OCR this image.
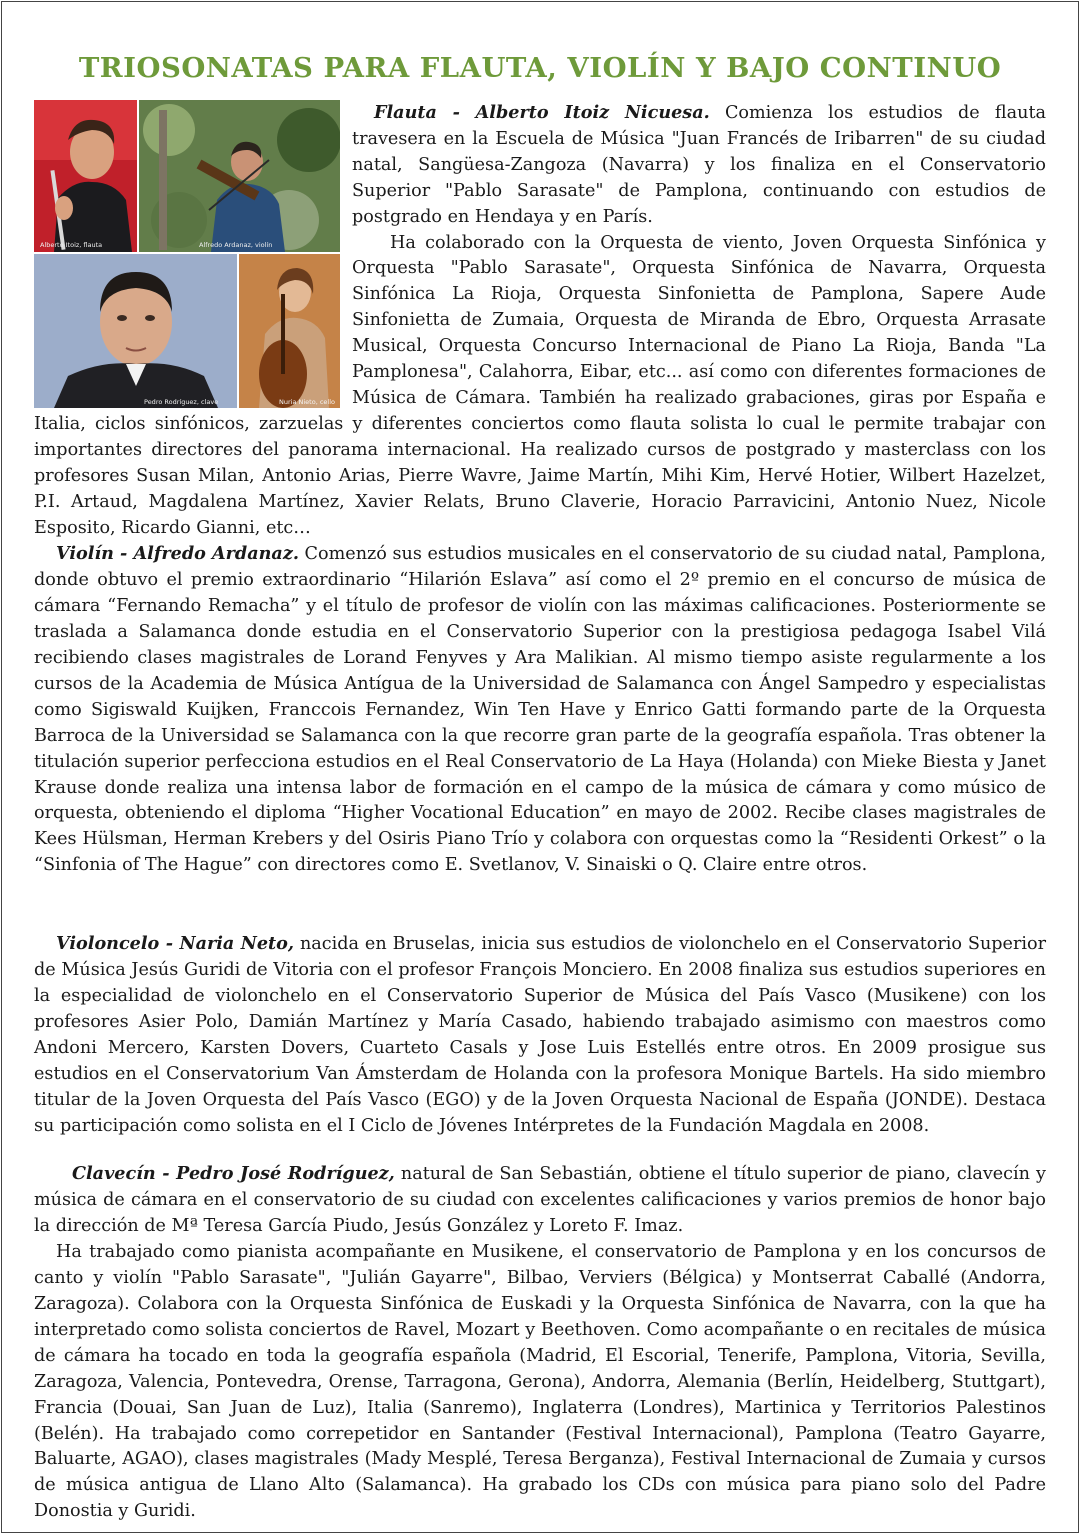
TRIOSONATAS PARA FLAUTA, VIOLÍN Y BAJO CONTINUO
Alberto Itoiz, flauta	Alfredo Ardanaz, violín
Pedro Rodríguez, clave	Nuria Nieto, cello

Flauta - Alberto Itoiz Nicuesa. Comienza los estudios de flauta travesera en la Escuela de Música "Juan Francés de Iribarren" de su ciudad natal, Sangüesa-Zangoza (Navarra) y los finaliza en el Conservatorio Superior "Pablo Sarasate" de Pamplona, continuando con estudios de postgrado en Hendaya y en París.

Ha colaborado con la Orquesta de viento, Joven Orquesta Sinfónica y Orquesta "Pablo Sarasate", Orquesta Sinfónica de Navarra, Orquesta Sinfónica La Rioja, Orquesta Sinfonietta de Pamplona, Sapere Aude Sinfonietta de Zumaia, Orquesta de Miranda de Ebro, Orquesta Arrasate Musical, Orquesta Concurso Internacional de Piano La Rioja, Banda "La Pamplonesa", Calahorra, Eibar, etc... así como con diferentes formaciones de Música de Cámara. También ha realizado grabaciones, giras por España e Italia, ciclos sinfónicos, zarzuelas y diferentes conciertos como flauta solista lo cual le permite trabajar con importantes directores del panorama internacional. Ha realizado cursos de postgrado y masterclass con los profesores Susan Milan, Antonio Arias, Pierre Wavre, Jaime Martín, Mihi Kim, Hervé Hotier, Wilbert Hazelzet, P.I. Artaud, Magdalena Martínez, Xavier Relats, Bruno Claverie, Horacio Parravicini, Antonio Nuez, Nicole Esposito, Ricardo Gianni, etc…

Violín - Alfredo Ardanaz. Comenzó sus estudios musicales en el conservatorio de su ciudad natal, Pamplona, donde obtuvo el premio extraordinario “Hilarión Eslava” así como el 2º premio en el concurso de música de cámara “Fernando Remacha” y el título de profesor de violín con las máximas calificaciones. Posteriormente se traslada a Salamanca donde estudia en el Conservatorio Superior con la prestigiosa pedagoga Isabel Vilá recibiendo clases magistrales de Lorand Fenyves y Ara Malikian. Al mismo tiempo asiste regularmente a los cursos de la Academia de Música Antígua de la Universidad de Salamanca con Ángel Sampedro y especialistas como Sigiswald Kuijken, Franccois Fernandez, Win Ten Have y Enrico Gatti formando parte de la Orquesta Barroca de la Universidad se Salamanca con la que recorre gran parte de la geografía española. Tras obtener la titulación superior perfecciona estudios en el Real Conservatorio de La Haya (Holanda) con Mieke Biesta y Janet Krause donde realiza una intensa labor de formación en el campo de la música de cámara y como músico de orquesta, obteniendo el diploma “Higher Vocational Education” en mayo de 2002. Recibe clases magistrales de Kees Hülsman, Herman Krebers y del Osiris Piano Trío y colabora con orquestas como la “Residenti Orkest” o la “Sinfonia of The Hague” con directores como E. Svetlanov, V. Sinaiski o Q. Claire entre otros.

Violoncelo - Naria Neto, nacida en Bruselas, inicia sus estudios de violonchelo en el Conservatorio Superior de Música Jesús Guridi de Vitoria con el profesor François Monciero. En 2008 finaliza sus estudios superiores en la especialidad de violonchelo en el Conservatorio Superior de Música del País Vasco (Musikene) con los profesores Asier Polo, Damián Martínez y María Casado, habiendo trabajado asimismo con maestros como Andoni Mercero, Karsten Dovers, Cuarteto Casals y Jose Luis Estellés entre otros. En 2009 prosigue sus estudios en el Conservatorium Van Ámsterdam de Holanda con la profesora Monique Bartels. Ha sido miembro titular de la Joven Orquesta del País Vasco (EGO) y de la Joven Orquesta Nacional de España (JONDE). Destaca su participación como solista en el I Ciclo de Jóvenes Intérpretes de la Fundación Magdala en 2008.

Clavecín - Pedro José Rodríguez, natural de San Sebastián, obtiene el título superior de piano, clavecín y música de cámara en el conservatorio de su ciudad con excelentes calificaciones y varios premios de honor bajo la dirección de Mª Teresa García Piudo, Jesús González y Loreto F. Imaz.

Ha trabajado como pianista acompañante en Musikene, el conservatorio de Pamplona y en los concursos de canto y violín "Pablo Sarasate", "Julián Gayarre", Bilbao, Verviers (Bélgica) y Montserrat Caballé (Andorra, Zaragoza). Colabora con la Orquesta Sinfónica de Euskadi y la Orquesta Sinfónica de Navarra, con la que ha interpretado como solista conciertos de Ravel, Mozart y Beethoven. Como acompañante o en recitales de música de cámara ha tocado en toda la geografía española (Madrid, El Escorial, Tenerife, Pamplona, Vitoria, Sevilla, Zaragoza, Valencia, Pontevedra, Orense, Tarragona, Gerona), Andorra, Alemania (Berlín, Heidelberg, Stuttgart), Francia (Douai, San Juan de Luz), Italia (Sanremo), Inglaterra (Londres), Martinica y Territorios Palestinos (Belén). Ha trabajado como correpetidor en Santander (Festival Internacional), Pamplona (Teatro Gayarre, Baluarte, AGAO), clases magistrales (Mady Mesplé, Teresa Berganza), Festival Internacional de Zumaia y cursos de música antigua de Llano Alto (Salamanca). Ha grabado los CDs con música para piano solo del Padre Donostia y Guridi.
